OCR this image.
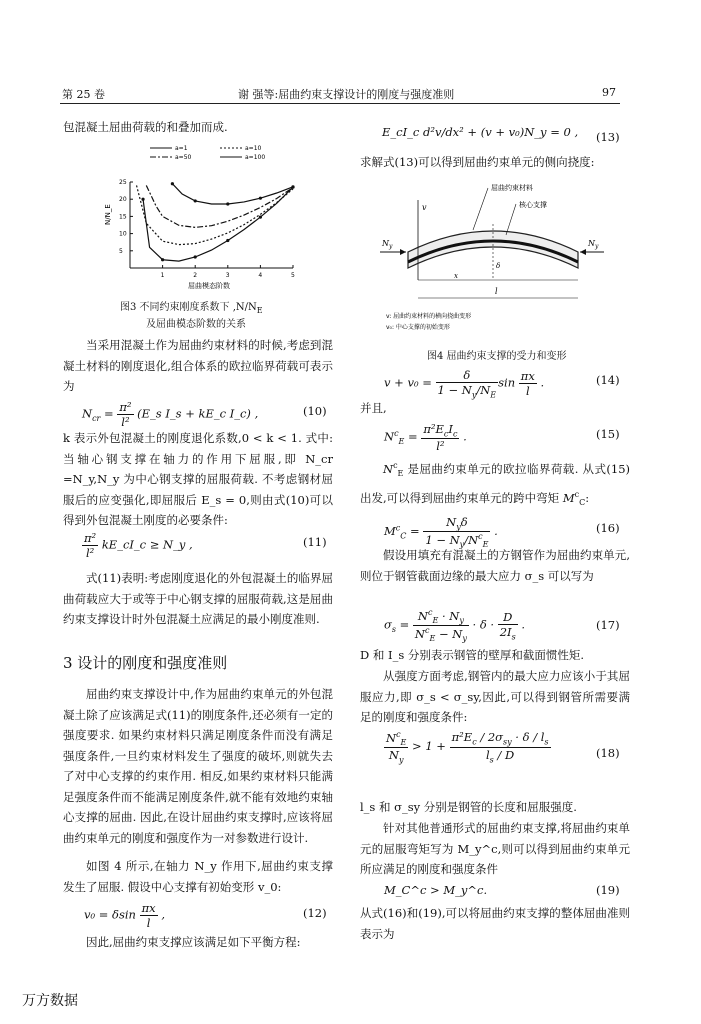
第 25 卷	谢 强等:屈曲约束支撑设计的刚度与强度准则	97

包混凝土屈曲荷载的和叠加而成.

a=1	a=10
a=50	a=100
1	2	3	4	5
5
10
15
20
25
N/N_E
屈曲模态阶数
图3 不同约束刚度系数下 $,N/N_E$
及屈曲模态阶数的关系

当采用混凝土作为屈曲约束材料的时候,考虑到混凝土材料的刚度退化,组合体系的欧拉临界荷载可表示为

$N_{cr} = \frac{\text{π²}}{\text{l²}}$ (E_s I_s + kE_c I_c) ,	(10)

k 表示外包混凝土的刚度退化系数,0 < k < 1. 式中:当轴心钢支撑在轴力的作用下屈服,即 N_cr =N_y,N_y 为中心钢支撑的屈服荷载. 不考虑钢材屈服后的应变强化,即屈服后 E_s = 0,则由式(10)可以得到外包混凝土刚度的必要条件:

$\frac{\text{π²}}{\text{l²}}$ kE_cI_c ≥ N_y ,	(11)

式(11)表明:考虑刚度退化的外包混凝土的临界屈曲荷载应大于或等于中心钢支撑的屈服荷载,这是屈曲约束支撑设计时外包混凝土应满足的最小刚度准则.

3 设计的刚度和强度准则

屈曲约束支撑设计中,作为屈曲约束单元的外包混凝土除了应该满足式(11)的刚度条件,还必须有一定的强度要求. 如果约束材料只满足刚度条件而没有满足强度条件,一旦约束材料发生了强度的破坏,则就失去了对中心支撑的约束作用. 相反,如果约束材料只能满足强度条件而不能满足刚度条件,就不能有效地约束轴心支撑的屈曲. 因此,在设计屈曲约束支撑时,应该将屈曲约束单元的刚度和强度作为一对参数进行设计.

如图 4 所示,在轴力 N_y 作用下,屈曲约束支撑发生了屈服. 假设中心支撑有初始变形 v_0:

v₀ = δsin $\frac{\pi x}{l}$ ,	(12)

因此,屈曲约束支撑应该满足如下平衡方程:

E_cI_c d²v/dx² + (v + v₀)N_y = 0 , (13)

求解式(13)可以得到屈曲约束单元的侧向挠度:

v
$N_y$	$N_y$
屈曲约束材料
核心支撑
δ
l
x
v: 屈曲约束材料的横向挠曲变形
v₀: 中心支撑的初始变形
图4 屈曲约束支撑的受力和变形
$v + v_0 = \frac{\delta}{1 - N_y/N_E}$ $\sin \frac{\pi x}{l}$ .	(14)

并且,

$N^c_E = \frac{\pi^2E_cI_c}{\text{l²}}$ .	(15)

$N^c_E$ 是屈曲约束单元的欧拉临界荷载. 从式(15)出发,可以得到屈曲约束单元的跨中弯矩 $M^c_C$:

$M^c_C = \frac{N_y\delta}{1 - N_y/N^c_E}$ .	(16)

假设用填充有混凝土的方钢管作为屈曲约束单元,则位于钢管截面边缘的最大应力 σ_s 可以写为

$\sigma_s = \frac{N^c_E \cdot N_y}{N^c_E - N_y} \cdot \delta \cdot \frac{D}{2I_s}$ .	(17)

D 和 I_s 分别表示钢管的壁厚和截面惯性矩.

从强度方面考虑,钢管内的最大应力应该小于其屈服应力,即 σ_s < σ_sy,因此,可以得到钢管所需要满足的刚度和强度条件:

$\frac{N^c_E}{N_y} > 1 + \frac{\pi^2E_c / 2\sigma_{sy} \cdot \delta / l_s}{l_s / D}$	(18)

l_s 和 σ_sy 分别是钢管的长度和屈服强度.

针对其他普通形式的屈曲约束支撑,将屈曲约束单元的屈服弯矩写为 M_y^c,则可以得到屈曲约束单元所应满足的刚度和强度条件

M_C^c > M_y^c.	(19)

从式(16)和(19),可以将屈曲约束支撑的整体屈曲准则表示为

万方数据
